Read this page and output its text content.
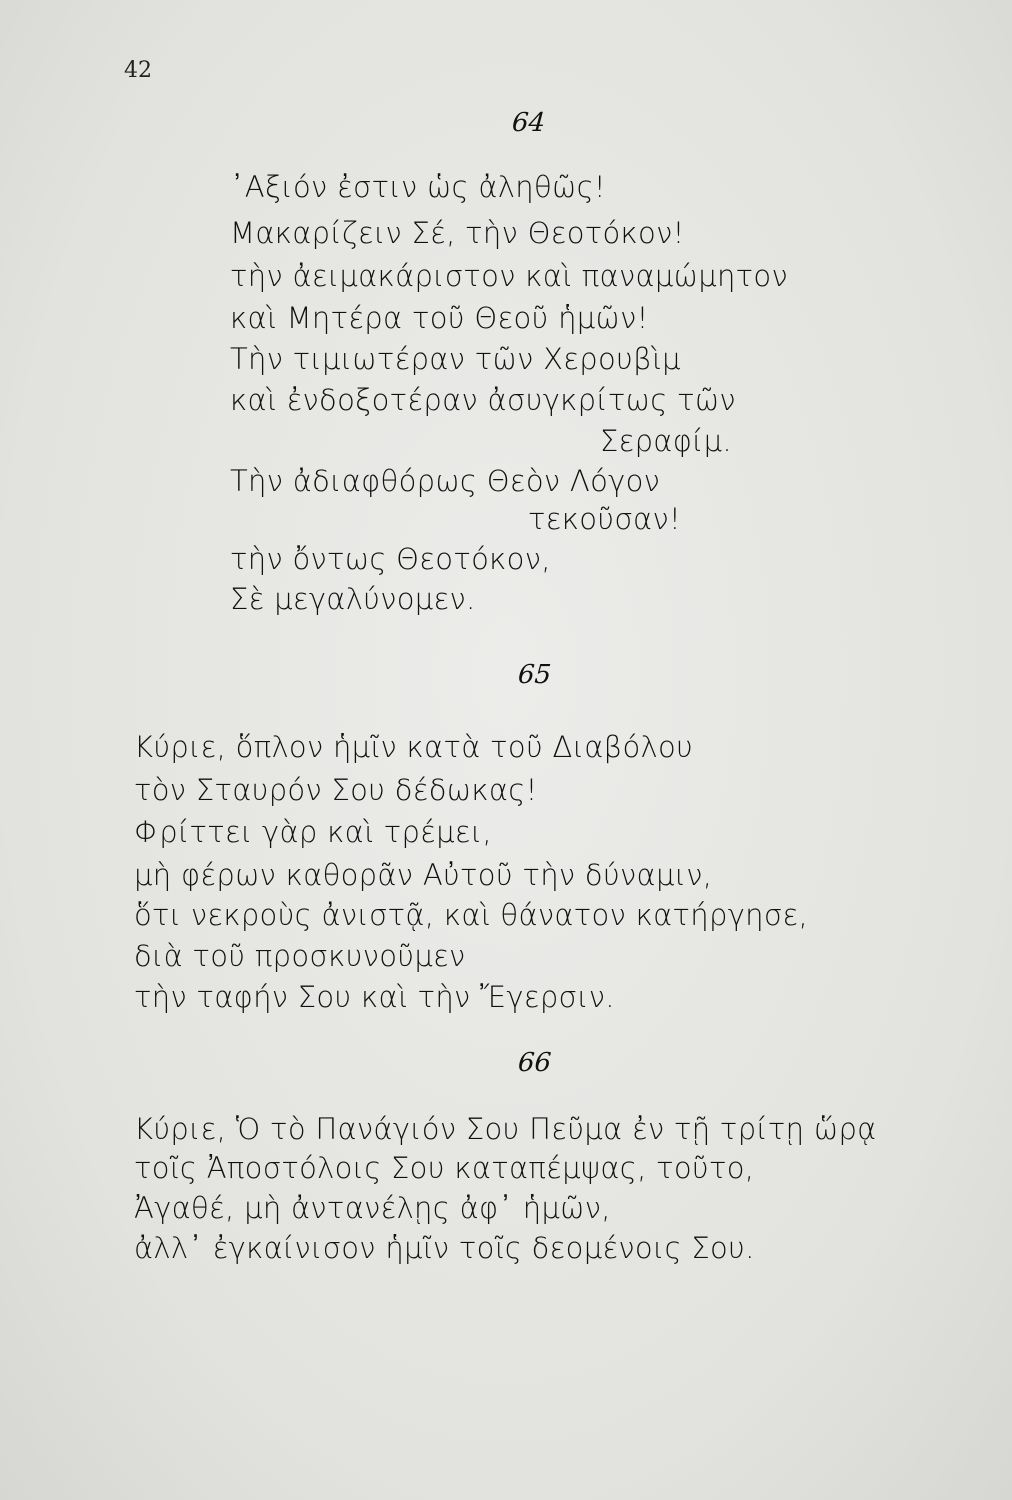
42
64
᾿Αξιόν ἐστιν ὡς ἀληθῶς!
Μακαρίζειν Σέ, τὴν Θεοτόκον!
τὴν ἀειμακάριστον καὶ παναμώμητον
καὶ Μητέρα τοῦ Θεοῦ ἡμῶν!
Τὴν τιμιωτέραν τῶν Χερουβὶμ
καὶ ἐνδοξοτέραν ἀσυγκρίτως τῶν
Σεραφίμ.
Τὴν ἀδιαφθόρως Θεὸν Λόγον
τεκοῦσαν!
τὴν ὄντως Θεοτόκον,
Σὲ μεγαλύνομεν.
65
Κύριε, ὅπλον ἡμῖν κατὰ τοῦ Διαβόλου
τὸν Σταυρόν Σου δέδωκας!
Φρίττει γὰρ καὶ τρέμει,
μὴ φέρων καθορᾶν Αὐτοῦ τὴν δύναμιν,
ὅτι νεκροὺς ἀνιστᾷ, καὶ θάνατον κατήργησε,
διὰ τοῦ προσκυνοῦμεν
τὴν ταφήν Σου καὶ τὴν Ἔγερσιν.
66
Κύριε, Ὁ τὸ Πανάγιόν Σου Πεῦμα ἐν τῇ τρίτῃ ὥρᾳ
τοῖς Ἀποστόλοις Σου καταπέμψας, τοῦτο,
Ἀγαθέ, μὴ ἀντανέλῃς ἀφ᾿ ἡμῶν,
ἀλλ᾿ ἐγκαίνισον ἡμῖν τοῖς δεομένοις Σου.
